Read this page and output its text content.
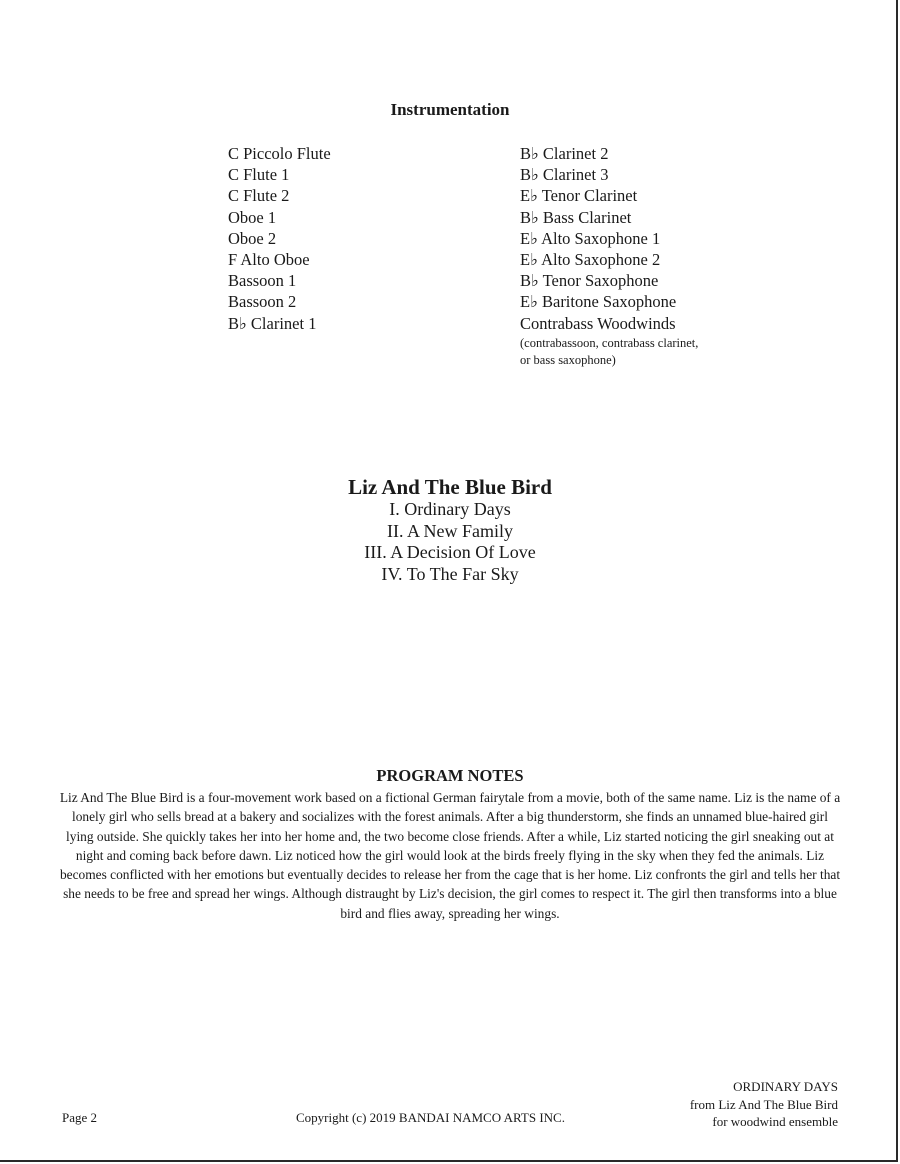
Instrumentation
C Piccolo Flute
C Flute 1
C Flute 2
Oboe 1
Oboe 2
F Alto Oboe
Bassoon 1
Bassoon 2
B♭ Clarinet 1
B♭ Clarinet 2
B♭ Clarinet 3
E♭ Tenor Clarinet
B♭ Bass Clarinet
E♭ Alto Saxophone 1
E♭ Alto Saxophone 2
B♭ Tenor Saxophone
E♭ Baritone Saxophone
Contrabass Woodwinds
(contrabassoon, contrabass clarinet,
or bass saxophone)
Liz And The Blue Bird
I. Ordinary Days
II. A New Family
III. A Decision Of Love
IV. To The Far Sky
PROGRAM NOTES
Liz And The Blue Bird is a four-movement work based on a fictional German fairytale from a movie, both of the same name. Liz is the name of a lonely girl who sells bread at a bakery and socializes with the forest animals. After a big thunderstorm, she finds an unnamed blue-haired girl lying outside. She quickly takes her into her home and, the two become close friends. After a while, Liz started noticing the girl sneaking out at night and coming back before dawn. Liz noticed how the girl would look at the birds freely flying in the sky when they fed the animals. Liz becomes conflicted with her emotions but eventually decides to release her from the cage that is her home. Liz confronts the girl and tells her that she needs to be free and spread her wings. Although distraught by Liz's decision, the girl comes to respect it. The girl then transforms into a blue bird and flies away, spreading her wings.
Page 2	Copyright (c) 2019 BANDAI NAMCO ARTS INC.
ORDINARY DAYS
from Liz And The Blue Bird
for woodwind ensemble
